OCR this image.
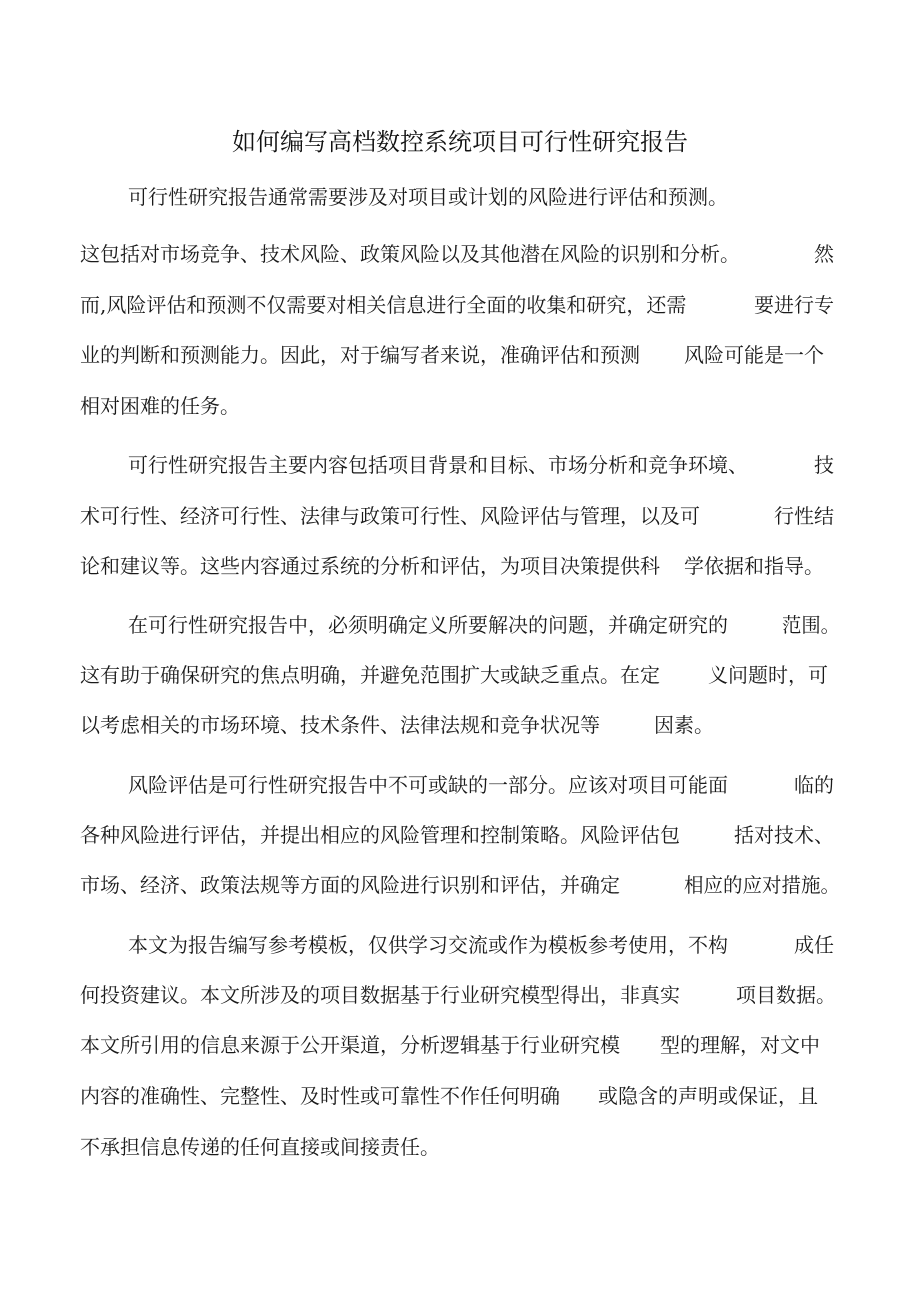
如何编写高档数控系统项目可行性研究报告
可行性研究报告通常需要涉及对项目或计划的风险进行评估和预测。
这包括对市场竞争、技术风险、政策风险以及其他潜在风险的识别和分析。	然
而,风险评估和预测不仅需要对相关信息进行全面的收集和研究，还需	要进行专
业的判断和预测能力。因此，对于编写者来说，准确评估和预测 风险可能是一个
相对困难的任务。
可行性研究报告主要内容包括项目背景和目标、市场分析和竞争环境、	技
术可行性、经济可行性、法律与政策可行性、风险评估与管理，以及可	行性结
论和建议等。这些内容通过系统的分析和评估，为项目决策提供科 学依据和指导。
在可行性研究报告中，必须明确定义所要解决的问题，并确定研究的	范围。
这有助于确保研究的焦点明确，并避免范围扩大或缺乏重点。在定 义问题时，可
以考虑相关的市场环境、技术条件、法律法规和竞争状况等	因素。
风险评估是可行性研究报告中不可或缺的一部分。应该对项目可能面	临的
各种风险进行评估，并提出相应的风险管理和控制策略。风险评估包	括对技术、
市场、经济、政策法规等方面的风险进行识别和评估，并确定	相应的应对措施。
本文为报告编写参考模板，仅供学习交流或作为模板参考使用，不构	成任
何投资建议。本文所涉及的项目数据基于行业研究模型得出，非真实	项目数据。
本文所引用的信息来源于公开渠道，分析逻辑基于行业研究模 型的理解，对文中
内容的准确性、完整性、及时性或可靠性不作任何明确 或隐含的声明或保证，且
不承担信息传递的任何直接或间接责任。
